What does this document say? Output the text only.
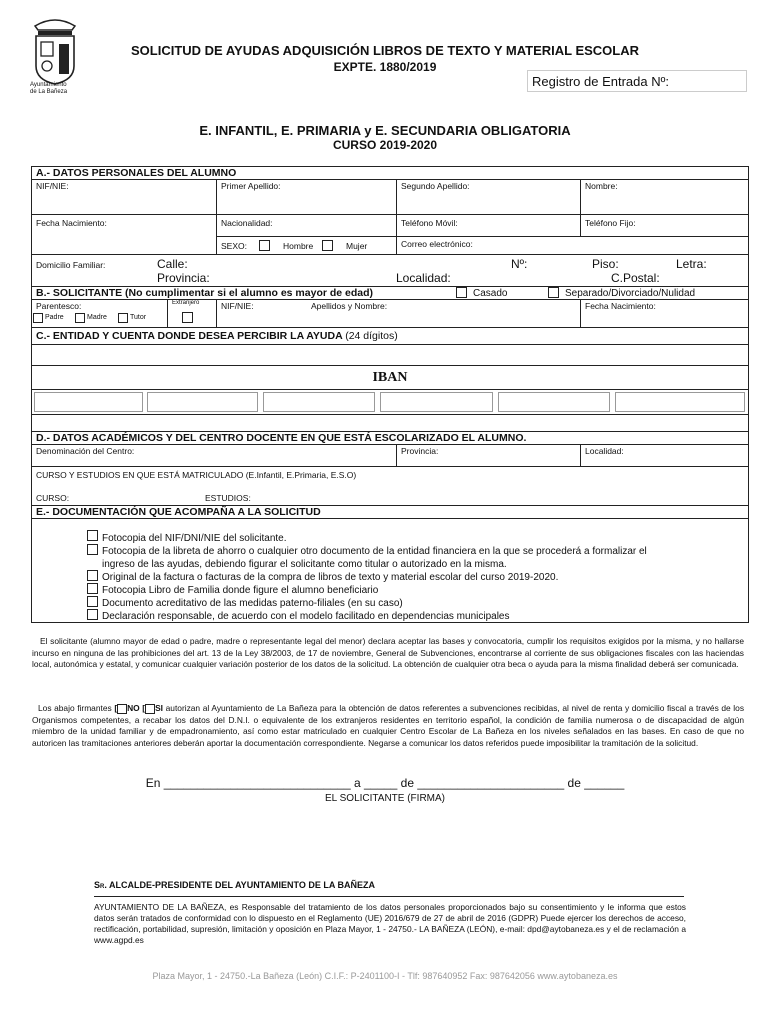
Ayuntamiento
de La Bañeza
SOLICITUD DE AYUDAS ADQUISICIÓN LIBROS DE TEXTO Y MATERIAL ESCOLAR
EXPTE. 1880/2019
Registro de Entrada Nº:
E. INFANTIL, E. PRIMARIA y E. SECUNDARIA OBLIGATORIA
CURSO 2019-2020
A.- DATOS PERSONALES DEL ALUMNO
NIF/NIE:	Primer Apellido:	Segundo Apellido:	Nombre:
Fecha Nacimiento:	Nacionalidad:	Teléfono Móvil:	Teléfono Fijo:
SEXO:	Hombre	Mujer	Correo electrónico:
Domicilio Familiar:	Calle:	Nº:	Piso:	Letra:
Provincia:	Localidad:	C.Postal:
B.- SOLICITANTE (No cumplimentar si el alumno es mayor de edad)	Casado	Separado/Divorciado/Nulidad
Parentesco:
Padre	Madre	Tutor
Extranjero	NIF/NIE:	Apellidos y Nombre:	Fecha Nacimiento:
C.- ENTIDAD Y CUENTA DONDE DESEA PERCIBIR LA AYUDA (24 dígitos)
IBAN
D.- DATOS ACADÉMICOS Y DEL CENTRO DOCENTE EN QUE ESTÁ ESCOLARIZADO EL ALUMNO.
Denominación del Centro:	Provincia:	Localidad:
CURSO Y ESTUDIOS EN QUE ESTÁ MATRICULADO (E.Infantil, E.Primaria, E.S.O)
CURSO:	ESTUDIOS:
E.- DOCUMENTACIÓN QUE ACOMPAÑA A LA SOLICITUD
Fotocopia del NIF/DNI/NIE del solicitante.
Fotocopia de la libreta de ahorro o cualquier otro documento de la entidad financiera en la que se procederá a formalizar el
ingreso de las ayudas, debiendo figurar el solicitante como titular o autorizado en la misma.
Original de la factura o facturas de la compra de libros de texto y material escolar del curso 2019-2020.
Fotocopia Libro de Familia donde figure el alumno beneficiario
Documento acreditativo de las medidas paterno-filiales (en su caso)
Declaración responsable, de acuerdo con el modelo facilitado en dependencias municipales
El solicitante (alumno mayor de edad o padre, madre o representante legal del menor) declara aceptar las bases y convocatoria, cumplir los requisitos exigidos por la misma, y no hallarse incurso en ninguna de las prohibiciones del art. 13 de la Ley 38/2003, de 17 de noviembre, General de Subvenciones, encontrarse al corriente de sus obligaciones fiscales con las haciendas local, autonómica y estatal, y comunicar cualquier variación posterior de los datos de la solicitud. La obtención de cualquier otra beca o ayuda para la misma finalidad deberá ser comunicada.
Los abajo firmantes [ NO [ SI autorizan al Ayuntamiento de La Bañeza para la obtención de datos referentes a subvenciones recibidas, al nivel de renta y domicilio fiscal a través de los Organismos competentes, a recabar los datos del D.N.I. o equivalente de los extranjeros residentes en territorio español, la condición de familia numerosa o de discapacidad de algún miembro de la unidad familiar y de empadronamiento, así como estar matriculado en cualquier Centro Escolar de La Bañeza en los niveles señalados en las bases. En caso de que no autoricen las tramitaciones anteriores deberán aportar la documentación correspondiente. Negarse a comunicar los datos referidos puede imposibilitar la tramitación de la solicitud.
En ____________________________ a _____ de ______________________ de ______
EL SOLICITANTE (FIRMA)
Sr. ALCALDE-PRESIDENTE DEL AYUNTAMIENTO DE LA BAÑEZA
AYUNTAMIENTO DE LA BAÑEZA, es Responsable del tratamiento de los datos personales proporcionados bajo su consentimiento y le informa que estos datos serán tratados de conformidad con lo dispuesto en el Reglamento (UE) 2016/679 de 27 de abril de 2016 (GDPR) Puede ejercer los derechos de acceso, rectificación, portabilidad, supresión, limitación y oposición en Plaza Mayor, 1 - 24750.- LA BAÑEZA (LEÓN), e-mail: dpd@aytobaneza.es y el de reclamación a www.agpd.es
Plaza Mayor, 1 - 24750.-La Bañeza (León) C.I.F.: P-2401100-I - Tlf: 987640952 Fax: 987642056 www.aytobaneza.es
